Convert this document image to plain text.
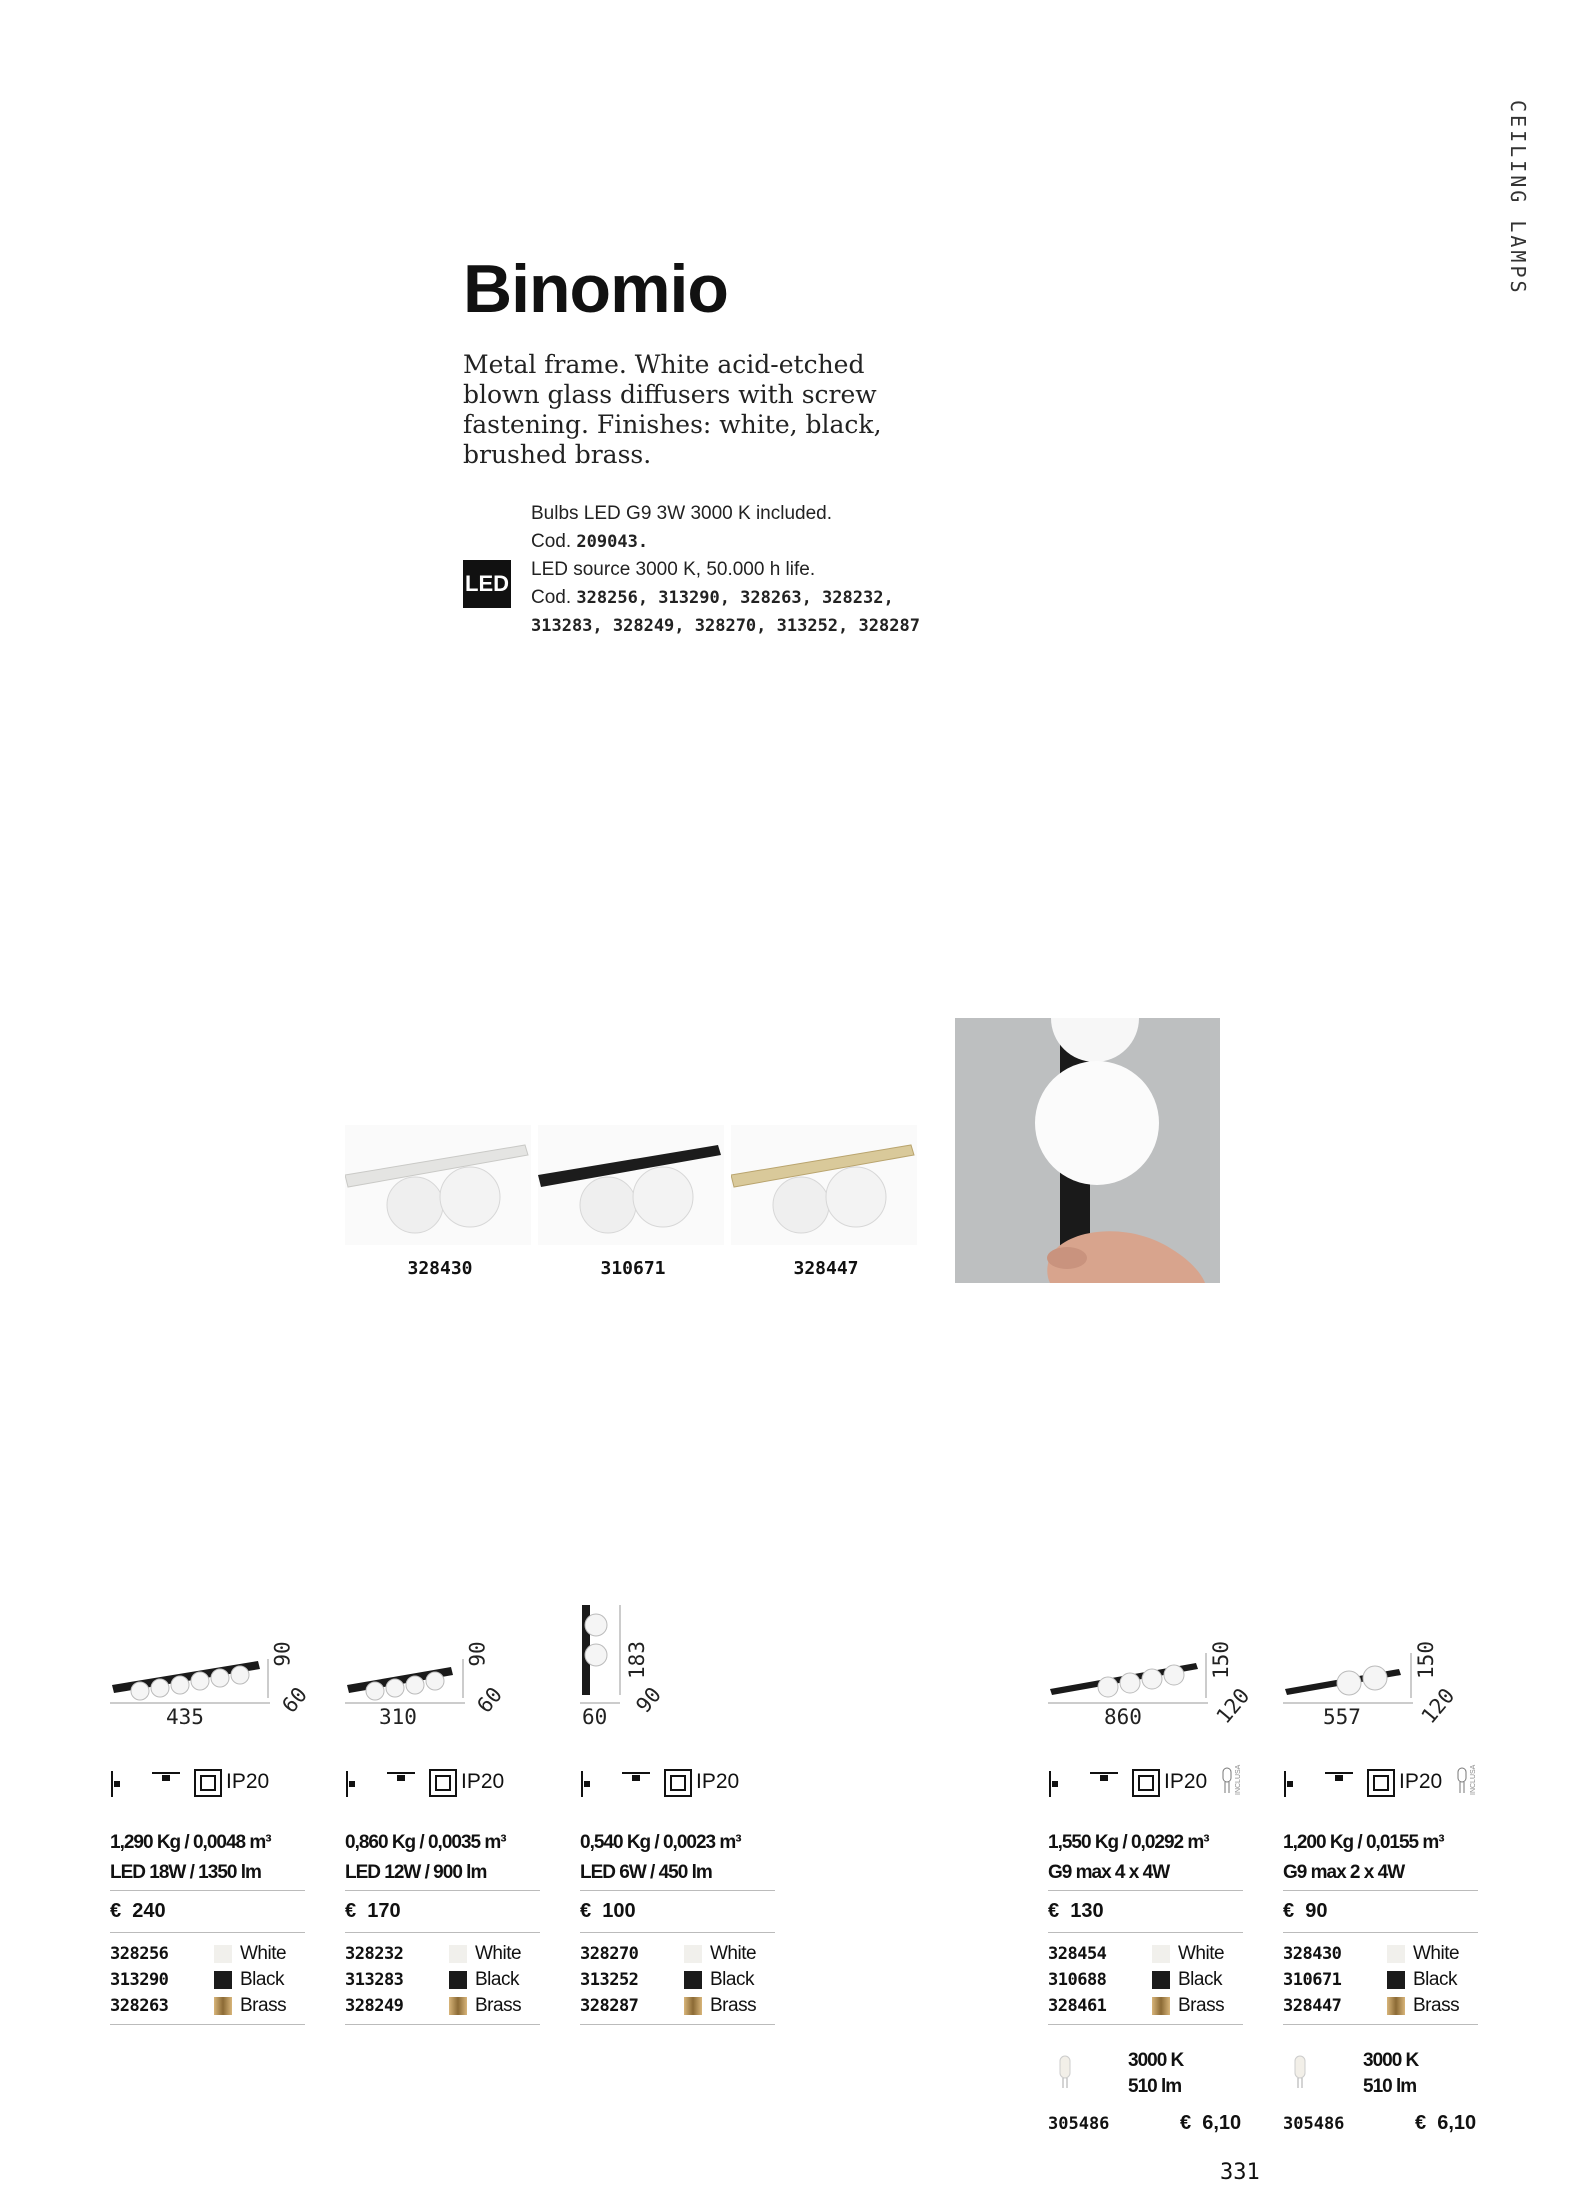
CEILING LAMPS
Binomio
Metal frame. White acid-etched blown glass diffusers with screw fastening. Finishes: white, black, brushed brass.
LED
Bulbs LED G9 3W 3000 K included.
Cod. 209043.
LED source 3000 K, 50.000 h life.
Cod. 328256, 313290, 328263, 328232, 313283, 328249, 328270, 313252, 328287
328430	310671	328447
435
90
60
IP20
1,290 Kg / 0,0048 m³
LED 18W / 1350 lm
€ 240
328256	White
313290	Black
328263	Brass
310
90
60
IP20
0,860 Kg / 0,0035 m³
LED 12W / 900 lm
€ 170
328232	White
313283	Black
328249	Brass
60
183
90
IP20
0,540 Kg / 0,0023 m³
LED 6W / 450 lm
€ 100
328270	White
313252	Black
328287	Brass
860
150
120
IP20	INCLUSA
1,550 Kg / 0,0292 m³
G9 max 4 x 4W
€ 130
328454	White
310688	Black
328461	Brass
3000 K
510 lm
305486	€ 6,10
557
150
120
IP20	INCLUSA
1,200 Kg / 0,0155 m³
G9 max 2 x 4W
€ 90
328430	White
310671	Black
328447	Brass
3000 K
510 lm
305486	€ 6,10
331
